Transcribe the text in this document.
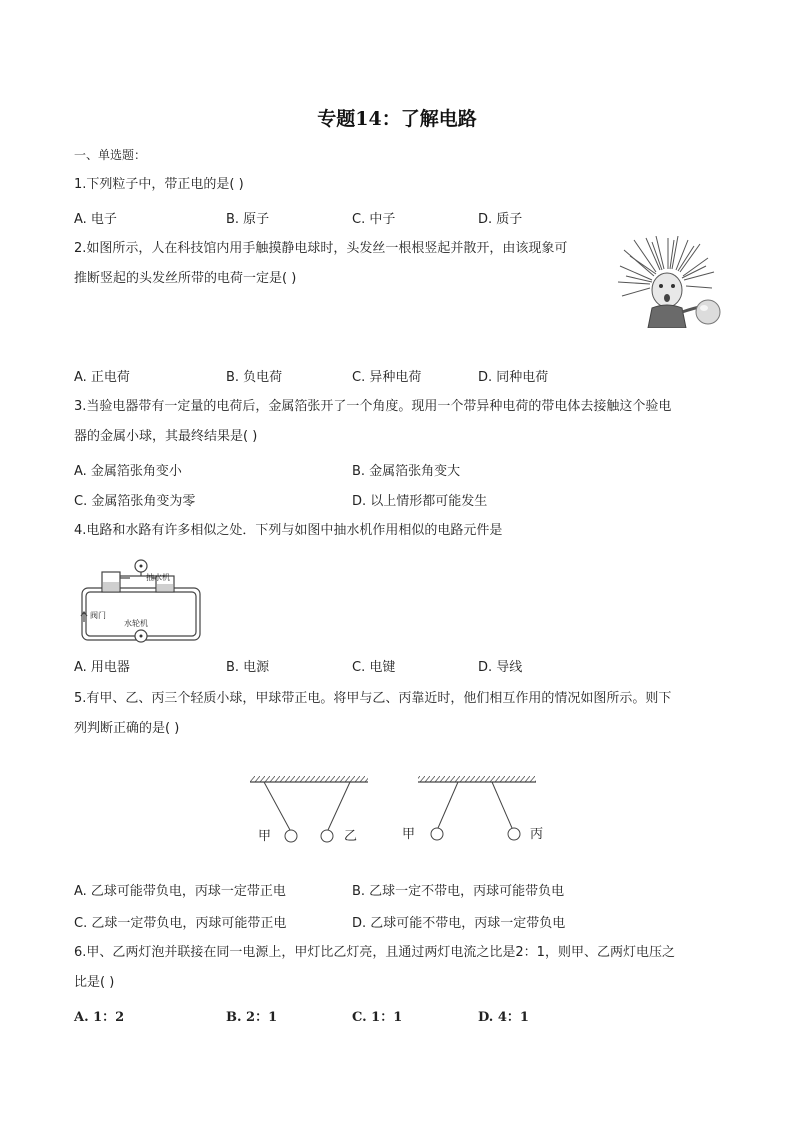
专题14：了解电路
一、单选题：
1.下列粒子中，带正电的是( )
A. 电子	B. 原子	C. 中子	D. 质子
2.如图所示，人在科技馆内用手触摸静电球时，头发丝一根根竖起并散开，由该现象可
推断竖起的头发丝所带的电荷一定是( )
A. 正电荷	B. 负电荷	C. 异种电荷	D. 同种电荷
3.当验电器带有一定量的电荷后，金属箔张开了一个角度。现用一个带异种电荷的带电体去接触这个验电
器的金属小球，其最终结果是( )
A. 金属箔张角变小	B. 金属箔张角变大
C. 金属箔张角变为零	D. 以上情形都可能发生
4.电路和水路有许多相似之处．下列与如图中抽水机作用相似的电路元件是
抽水机
阀门
水轮机
A. 用电器	B. 电源	C. 电键	D. 导线
5.有甲、乙、丙三个轻质小球，甲球带正电。将甲与乙、丙靠近时，他们相互作用的情况如图所示。则下
列判断正确的是( )
甲	乙	甲	丙
A. 乙球可能带负电，丙球一定带正电	B. 乙球一定不带电，丙球可能带负电
C. 乙球一定带负电，丙球可能带正电	D. 乙球可能不带电，丙球一定带负电
6.甲、乙两灯泡并联接在同一电源上，甲灯比乙灯亮，且通过两灯电流之比是2：1，则甲、乙两灯电压之
比是( )
A. 1：2	B. 2：1	C. 1：1	D. 4：1
